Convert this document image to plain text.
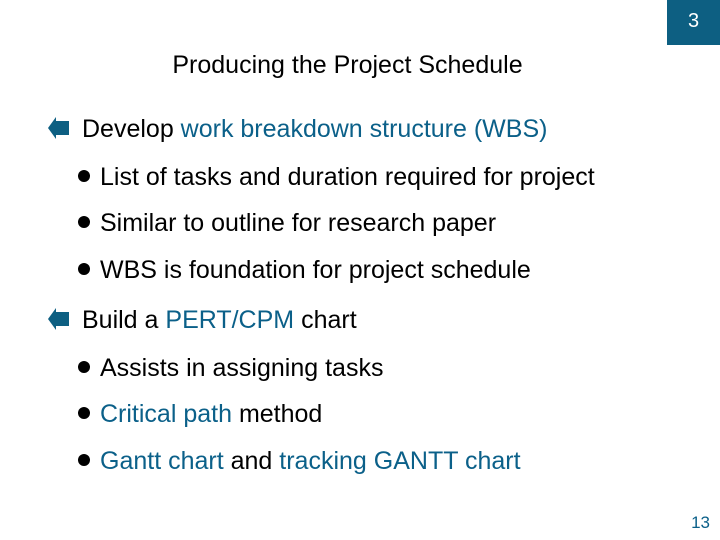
3
Producing the Project Schedule
Develop work breakdown structure (WBS)
List of tasks and duration required for project
Similar to outline for research paper
WBS is foundation for project schedule
Build a PERT/CPM chart
Assists in assigning tasks
Critical path method
Gantt chart and tracking GANTT chart
13
